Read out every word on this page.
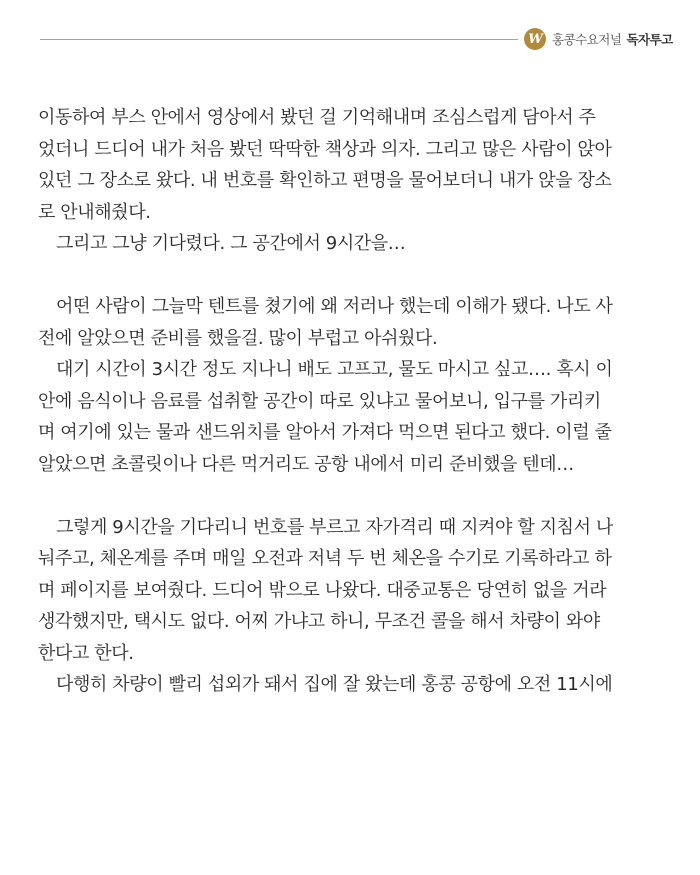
W 홍콩수요저널 독자투고
이동하여 부스 안에서 영상에서 봤던 걸 기억해내며 조심스럽게 담아서 주
었더니 드디어 내가 처음 봤던 딱딱한 책상과 의자. 그리고 많은 사람이 앉아
있던 그 장소로 왔다. 내 번호를 확인하고 편명을 물어보더니 내가 앉을 장소
로 안내해줬다.
그리고 그냥 기다렸다. 그 공간에서 9시간을…
어떤 사람이 그늘막 텐트를 쳤기에 왜 저러나 했는데 이해가 됐다. 나도 사
전에 알았으면 준비를 했을걸. 많이 부럽고 아쉬웠다.
대기 시간이 3시간 정도 지나니 배도 고프고, 물도 마시고 싶고…. 혹시 이
안에 음식이나 음료를 섭취할 공간이 따로 있냐고 물어보니, 입구를 가리키
며 여기에 있는 물과 샌드위치를 알아서 가져다 먹으면 된다고 했다. 이럴 줄
알았으면 초콜릿이나 다른 먹거리도 공항 내에서 미리 준비했을 텐데…
그렇게 9시간을 기다리니 번호를 부르고 자가격리 때 지켜야 할 지침서 나
눠주고, 체온계를 주며 매일 오전과 저녁 두 번 체온을 수기로 기록하라고 하
며 페이지를 보여줬다. 드디어 밖으로 나왔다. 대중교통은 당연히 없을 거라
생각했지만, 택시도 없다. 어찌 가냐고 하니, 무조건 콜을 해서 차량이 와야
한다고 한다.
다행히 차량이 빨리 섭외가 돼서 집에 잘 왔는데 홍콩 공항에 오전 11시에
